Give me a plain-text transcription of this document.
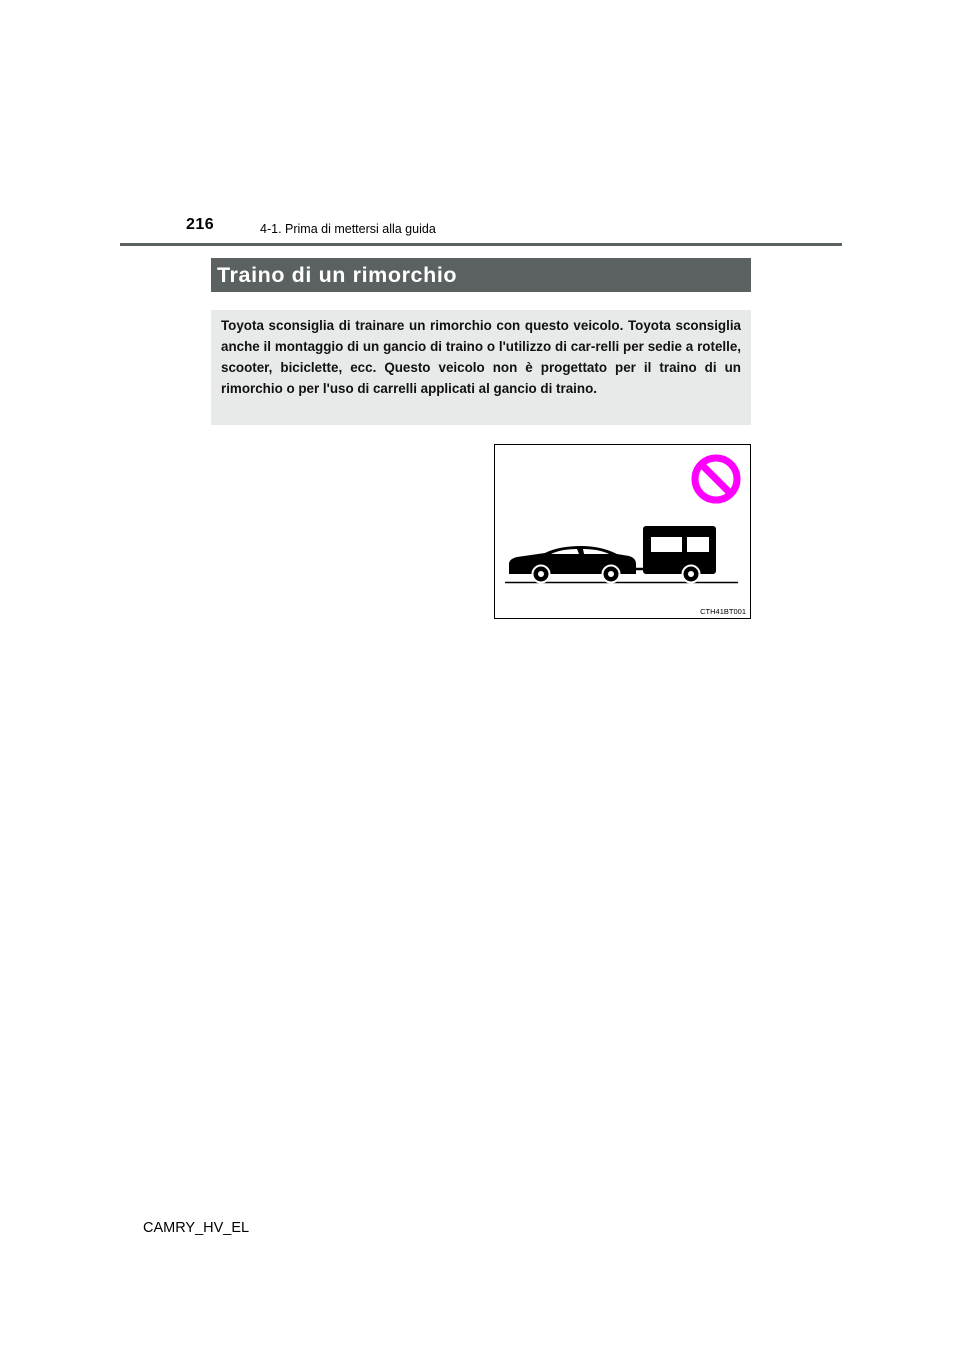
216	4-1. Prima di mettersi alla guida
Traino di un rimorchio

Toyota sconsiglia di trainare un rimorchio con questo veicolo. Toyota sconsiglia anche il montaggio di un gancio di traino o l'utilizzo di car-relli per sedie a rotelle, scooter, biciclette, ecc. Questo veicolo non è progettato per il traino di un rimorchio o per l'uso di carrelli applicati al gancio di traino.

CTH41BT001
CAMRY_HV_EL
